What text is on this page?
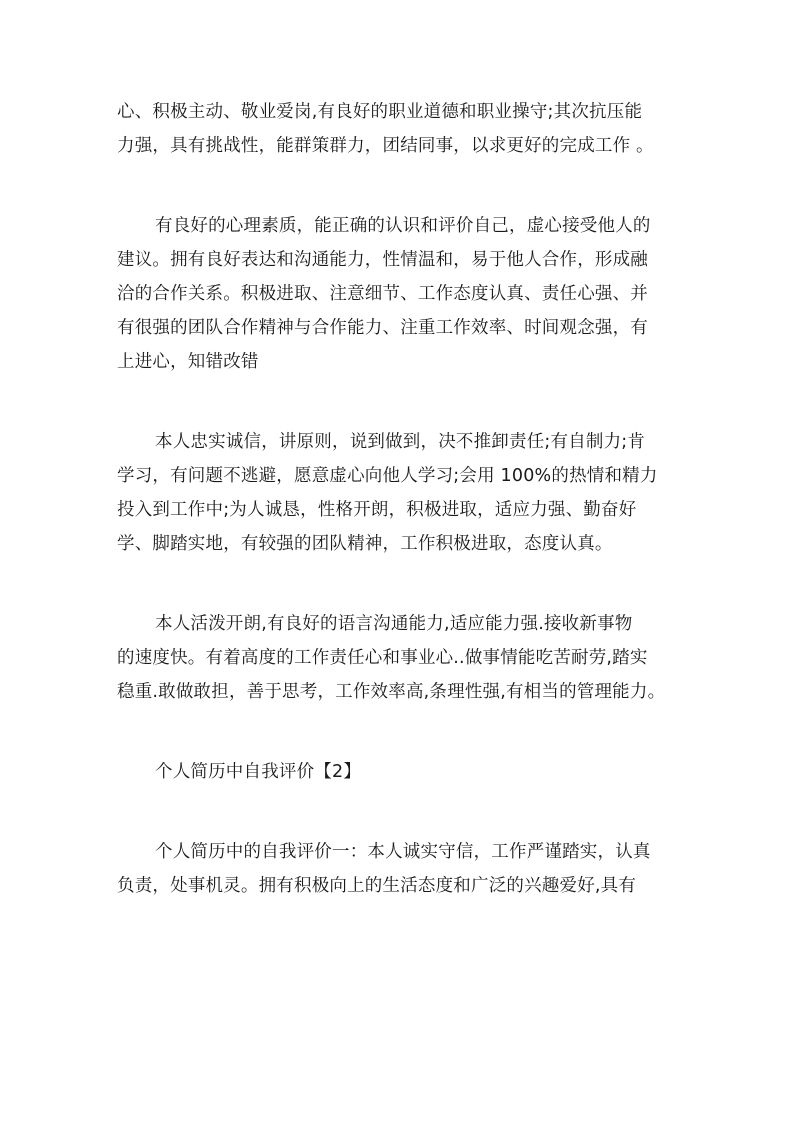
心、积极主动、敬业爱岗,有良好的职业道德和职业操守;其次抗压能
力强，具有挑战性，能群策群力，团结同事，以求更好的完成工作 。

有良好的心理素质，能正确的认识和评价自己，虚心接受他人的
建议。拥有良好表达和沟通能力，性情温和，易于他人合作，形成融
洽的合作关系。积极进取、注意细节、工作态度认真、责任心强、并
有很强的团队合作精神与合作能力、注重工作效率、时间观念强，有
上进心，知错改错

本人忠实诚信，讲原则，说到做到，决不推卸责任;有自制力;肯
学习，有问题不逃避，愿意虚心向他人学习;会用 100%的热情和精力
投入到工作中;为人诚恳，性格开朗，积极进取，适应力强、勤奋好
学、脚踏实地，有较强的团队精神，工作积极进取，态度认真。

本人活泼开朗,有良好的语言沟通能力,适应能力强.接收新事物
的速度快。有着高度的工作责任心和事业心..做事情能吃苦耐劳,踏实
稳重.敢做敢担，善于思考，工作效率高,条理性强,有相当的管理能力。

个人简历中自我评价【2】

个人简历中的自我评价一：本人诚实守信，工作严谨踏实，认真
负责，处事机灵。拥有积极向上的生活态度和广泛的兴趣爱好,具有
